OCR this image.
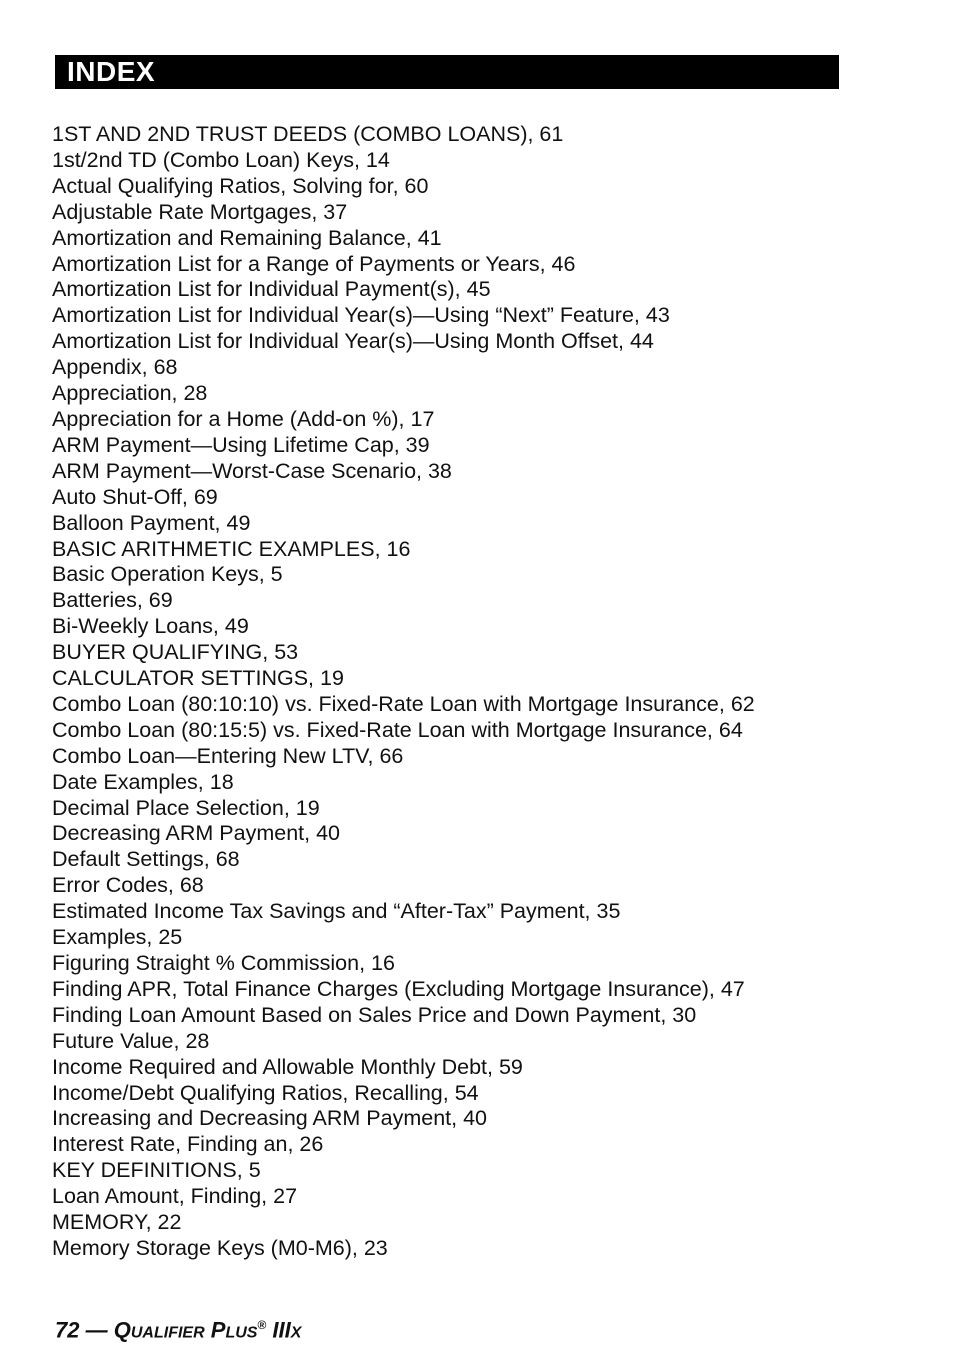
INDEX
1ST AND 2ND TRUST DEEDS (COMBO LOANS), 61
1st/2nd TD (Combo Loan) Keys, 14
Actual Qualifying Ratios, Solving for, 60
Adjustable Rate Mortgages, 37
Amortization and Remaining Balance, 41
Amortization List for a Range of Payments or Years, 46
Amortization List for Individual Payment(s), 45
Amortization List for Individual Year(s)—Using “Next” Feature, 43
Amortization List for Individual Year(s)—Using Month Offset, 44
Appendix, 68
Appreciation, 28
Appreciation for a Home (Add-on %), 17
ARM Payment—Using Lifetime Cap, 39
ARM Payment—Worst-Case Scenario, 38
Auto Shut-Off, 69
Balloon Payment, 49
BASIC ARITHMETIC EXAMPLES, 16
Basic Operation Keys, 5
Batteries, 69
Bi-Weekly Loans, 49
BUYER QUALIFYING, 53
CALCULATOR SETTINGS, 19
Combo Loan (80:10:10) vs. Fixed-Rate Loan with Mortgage Insurance, 62
Combo Loan (80:15:5) vs. Fixed-Rate Loan with Mortgage Insurance, 64
Combo Loan—Entering New LTV, 66
Date Examples, 18
Decimal Place Selection, 19
Decreasing ARM Payment, 40
Default Settings, 68
Error Codes, 68
Estimated Income Tax Savings and “After-Tax” Payment, 35
Examples, 25
Figuring Straight % Commission, 16
Finding APR, Total Finance Charges (Excluding Mortgage Insurance), 47
Finding Loan Amount Based on Sales Price and Down Payment, 30
Future Value, 28
Income Required and Allowable Monthly Debt, 59
Income/Debt Qualifying Ratios, Recalling, 54
Increasing and Decreasing ARM Payment, 40
Interest Rate, Finding an, 26
KEY DEFINITIONS, 5
Loan Amount, Finding, 27
MEMORY, 22
Memory Storage Keys (M0-M6), 23
72 — QUALIFIER PLUS® IIIX
